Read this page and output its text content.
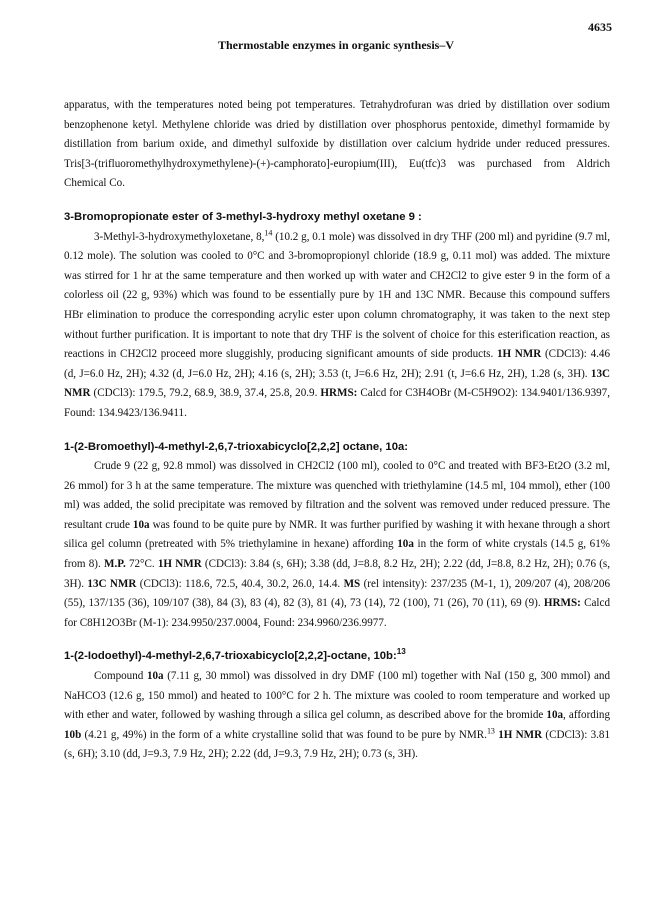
4635
Thermostable enzymes in organic synthesis–V

apparatus, with the temperatures noted being pot temperatures. Tetrahydrofuran was dried by distillation over sodium benzophenone ketyl. Methylene chloride was dried by distillation over phosphorus pentoxide, dimethyl formamide by distillation from barium oxide, and dimethyl sulfoxide by distillation over calcium hydride under reduced pressures. Tris[3-(trifluoromethylhydroxymethylene)-(+)-camphorato]-europium(III), Eu(tfc)3 was purchased from Aldrich Chemical Co.

3-Bromopropionate ester of 3-methyl-3-hydroxy methyl oxetane 9 :

3-Methyl-3-hydroxymethyloxetane, 8,14 (10.2 g, 0.1 mole) was dissolved in dry THF (200 ml) and pyridine (9.7 ml, 0.12 mole). The solution was cooled to 0°C and 3-bromopropionyl chloride (18.9 g, 0.11 mol) was added. The mixture was stirred for 1 hr at the same temperature and then worked up with water and CH2Cl2 to give ester 9 in the form of a colorless oil (22 g, 93%) which was found to be essentially pure by 1H and 13C NMR. Because this compound suffers HBr elimination to produce the corresponding acrylic ester upon column chromatography, it was taken to the next step without further purification. It is important to note that dry THF is the solvent of choice for this esterification reaction, as reactions in CH2Cl2 proceed more sluggishly, producing significant amounts of side products. 1H NMR (CDCl3): 4.46 (d, J=6.0 Hz, 2H); 4.32 (d, J=6.0 Hz, 2H); 4.16 (s, 2H); 3.53 (t, J=6.6 Hz, 2H); 2.91 (t, J=6.6 Hz, 2H), 1.28 (s, 3H). 13C NMR (CDCl3): 179.5, 79.2, 68.9, 38.9, 37.4, 25.8, 20.9. HRMS: Calcd for C3H4OBr (M-C5H9O2): 134.9401/136.9397, Found: 134.9423/136.9411.

1-(2-Bromoethyl)-4-methyl-2,6,7-trioxabicyclo[2,2,2] octane, 10a:

Crude 9 (22 g, 92.8 mmol) was dissolved in CH2Cl2 (100 ml), cooled to 0°C and treated with BF3-Et2O (3.2 ml, 26 mmol) for 3 h at the same temperature. The mixture was quenched with triethylamine (14.5 ml, 104 mmol), ether (100 ml) was added, the solid precipitate was removed by filtration and the solvent was removed under reduced pressure. The resultant crude 10a was found to be quite pure by NMR. It was further purified by washing it with hexane through a short silica gel column (pretreated with 5% triethylamine in hexane) affording 10a in the form of white crystals (14.5 g, 61% from 8). M.P. 72°C. 1H NMR (CDCl3): 3.84 (s, 6H); 3.38 (dd, J=8.8, 8.2 Hz, 2H); 2.22 (dd, J=8.8, 8.2 Hz, 2H); 0.76 (s, 3H). 13C NMR (CDCl3): 118.6, 72.5, 40.4, 30.2, 26.0, 14.4. MS (rel intensity): 237/235 (M-1, 1), 209/207 (4), 208/206 (55), 137/135 (36), 109/107 (38), 84 (3), 83 (4), 82 (3), 81 (4), 73 (14), 72 (100), 71 (26), 70 (11), 69 (9). HRMS: Calcd for C8H12O3Br (M-1): 234.9950/237.0004, Found: 234.9960/236.9977.

1-(2-Iodoethyl)-4-methyl-2,6,7-trioxabicyclo[2,2,2]-octane, 10b:$^{13}$

Compound 10a (7.11 g, 30 mmol) was dissolved in dry DMF (100 ml) together with NaI (150 g, 300 mmol) and NaHCO3 (12.6 g, 150 mmol) and heated to 100°C for 2 h. The mixture was cooled to room temperature and worked up with ether and water, followed by washing through a silica gel column, as described above for the bromide 10a, affording 10b (4.21 g, 49%) in the form of a white crystalline solid that was found to be pure by NMR.$^{13}$ 1H NMR (CDCl3): 3.81 (s, 6H); 3.10 (dd, J=9.3, 7.9 Hz, 2H); 2.22 (dd, J=9.3, 7.9 Hz, 2H); 0.73 (s, 3H).
